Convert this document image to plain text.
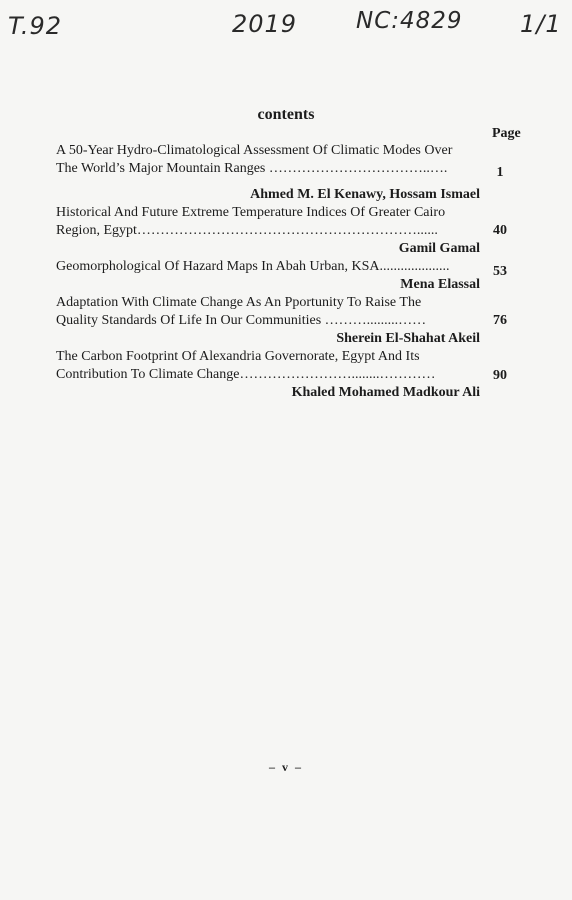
T.92	2019	NC:4829 1/1
contents
Page
A 50-Year Hydro-Climatological Assessment Of Climatic Modes Over
The World’s Major Mountain Ranges ……………………………..….	1
Ahmed M. El Kenawy, Hossam Ismael
Historical And Future Extreme Temperature Indices Of Greater Cairo
Region, Egypt……………………………………………………......	40
Gamil Gamal
Geomorphological Of Hazard Maps In Abah Urban, KSA....................	53
Mena Elassal
Adaptation With Climate Change As An Pportunity To Raise The
Quality Standards Of Life In Our Communities ……….........……	76
Sherein El-Shahat Akeil
The Carbon Footprint Of Alexandria Governorate, Egypt And Its
Contribution To Climate Change……………………........…………	90
Khaled Mohamed Madkour Ali
– v –
